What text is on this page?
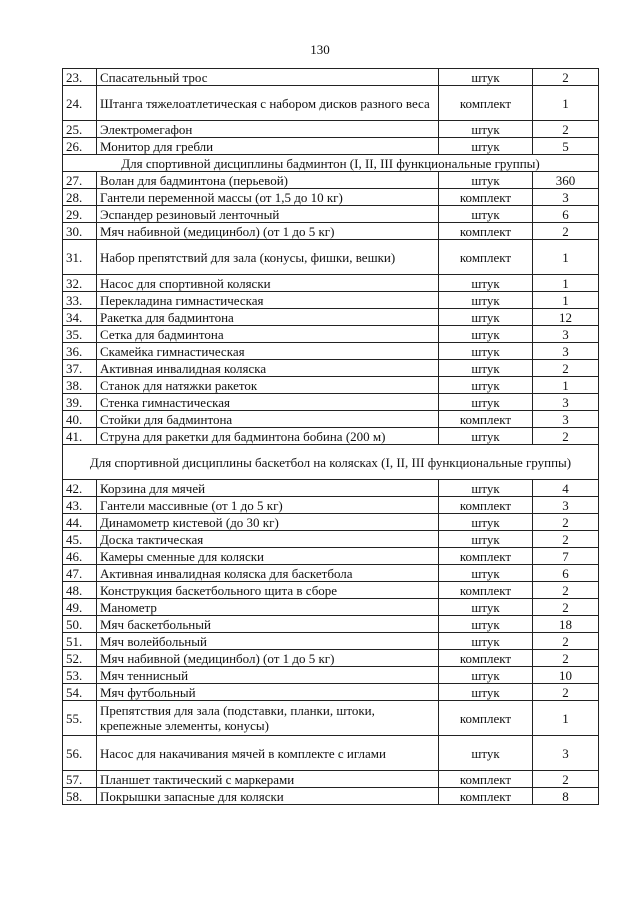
130
23.	Спасательный трос	штук	2
24.	Штанга тяжелоатлетическая с набором дисков разного веса	комплект	1
25.	Электромегафон	штук	2
26.	Монитор для гребли	штук	5
Для спортивной дисциплины бадминтон (I, II, III функциональные группы)			
27.	Волан для бадминтона (перьевой)	штук	360
28.	Гантели переменной массы (от 1,5 до 10 кг)	комплект	3
29.	Эспандер резиновый ленточный	штук	6
30.	Мяч набивной (медицинбол) (от 1 до 5 кг)	комплект	2
31.	Набор препятствий для зала (конусы, фишки, вешки)	комплект	1
32.	Насос для спортивной коляски	штук	1
33.	Перекладина гимнастическая	штук	1
34.	Ракетка для бадминтона	штук	12
35.	Сетка для бадминтона	штук	3
36.	Скамейка гимнастическая	штук	3
37.	Активная инвалидная коляска	штук	2
38.	Станок для натяжки ракеток	штук	1
39.	Стенка гимнастическая	штук	3
40.	Стойки для бадминтона	комплект	3
41.	Струна для ракетки для бадминтона бобина (200 м)	штук	2
Для спортивной дисциплины баскетбол на колясках (I, II, III функциональные группы)			
42.	Корзина для мячей	штук	4
43.	Гантели массивные (от 1 до 5 кг)	комплект	3
44.	Динамометр кистевой (до 30 кг)	штук	2
45.	Доска тактическая	штук	2
46.	Камеры сменные для коляски	комплект	7
47.	Активная инвалидная коляска для баскетбола	штук	6
48.	Конструкция баскетбольного щита в сборе	комплект	2
49.	Манометр	штук	2
50.	Мяч баскетбольный	штук	18
51.	Мяч волейбольный	штук	2
52.	Мяч набивной (медицинбол) (от 1 до 5 кг)	комплект	2
53.	Мяч теннисный	штук	10
54.	Мяч футбольный	штук	2
55.	Препятствия для зала (подставки, планки, штоки, крепежные элементы, конусы)	комплект	1
56.	Насос для накачивания мячей в комплекте с иглами	штук	3
57.	Планшет тактический с маркерами	комплект	2
58.	Покрышки запасные для коляски	комплект	8
